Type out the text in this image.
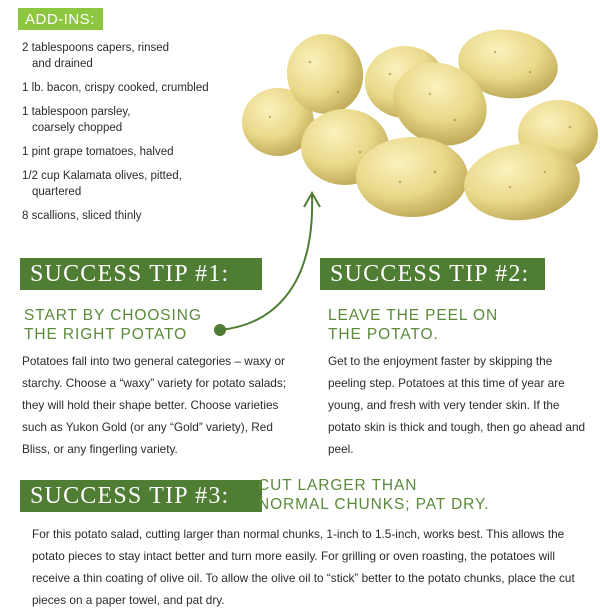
ADD-INS:
2 tablespoons capers, rinsed
and drained
1 lb. bacon, crispy cooked, crumbled
1 tablespoon parsley,
coarsely chopped
1 pint grape tomatoes, halved
1/2 cup Kalamata olives, pitted,
quartered
8 scallions, sliced thinly
SUCCESS TIP #1:
START BY CHOOSING
THE RIGHT POTATO
Potatoes fall into two general categories – waxy or starchy. Choose a “waxy” variety for potato salads; they will hold their shape better. Choose varieties such as Yukon Gold (or any “Gold” variety), Red Bliss, or any fingerling variety.
SUCCESS TIP #2:
LEAVE THE PEEL ON
THE POTATO.
Get to the enjoyment faster by skipping the peeling step. Potatoes at this time of year are young, and fresh with very tender skin. If the potato skin is thick and tough, then go ahead and peel.
SUCCESS TIP #3:	CUT LARGER THAN
NORMAL CHUNKS; PAT DRY.
For this potato salad, cutting larger than normal chunks, 1-inch to 1.5-inch, works best. This allows the potato pieces to stay intact better and turn more easily. For grilling or oven roasting, the potatoes will receive a thin coating of olive oil. To allow the olive oil to “stick” better to the potato chunks, place the cut pieces on a paper towel, and pat dry.
